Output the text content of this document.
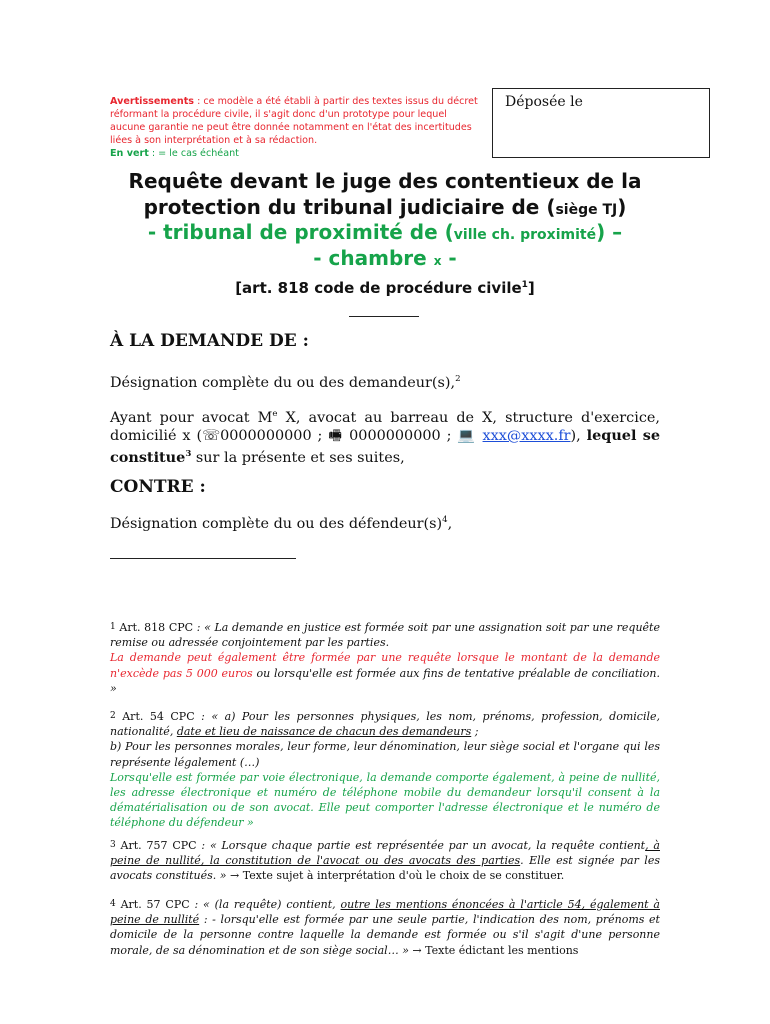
Avertissements : ce modèle a été établi à partir des textes issus du décret réformant la procédure civile, il s'agit donc d'un prototype pour lequel aucune garantie ne peut être donnée notamment en l'état des incertitudes liées à son interprétation et à sa rédaction.
En vert : = le cas échéant
Déposée le
Requête devant le juge des contentieux de la
protection du tribunal judiciaire de (siège TJ)
- tribunal de proximité de (ville ch. proximité) –
- chambre x -
[art. 818 code de procédure civile$^1$]
À LA DEMANDE DE :
Désignation complète du ou des demandeur(s),$^2$
Ayant pour avocat Me X, avocat au barreau de X, structure d'exercice, domicilié x (☏0000000000 ; 🖷 0000000000 ; 💻 xxx@xxxx.fr), lequel se constitue$^3$ sur la présente et ses suites,
CONTRE :
Désignation complète du ou des $défendeur(s)^4$,
1 Art. 818 CPC : « La demande en justice est formée soit par une assignation soit par une requête remise ou adressée conjointement par les parties.
La demande peut également être formée par une requête lorsque le montant de la demande n'excède pas 5 000 euros ou lorsqu'elle est formée aux fins de tentative préalable de conciliation. »
2 Art. 54 CPC : « a) Pour les personnes physiques, les nom, prénoms, profession, domicile, nationalité, date et lieu de naissance de chacun des demandeurs ;
b) Pour les personnes morales, leur forme, leur dénomination, leur siège social et l'organe qui les représente légalement (…)
Lorsqu'elle est formée par voie électronique, la demande comporte également, à peine de nullité, les adresse électronique et numéro de téléphone mobile du demandeur lorsqu'il consent à la dématérialisation ou de son avocat. Elle peut comporter l'adresse électronique et le numéro de téléphone du défendeur »
3 Art. 757 CPC : « Lorsque chaque partie est représentée par un avocat, la requête contient, à peine de nullité, la constitution de l'avocat ou des avocats des parties. Elle est signée par les avocats constitués. » → Texte sujet à interprétation d'où le choix de se constituer.
4 Art. 57 CPC : « (la requête) contient, outre les mentions énoncées à l'article 54, également à peine de nullité : - lorsqu'elle est formée par une seule partie, l'indication des nom, prénoms et domicile de la personne contre laquelle la demande est formée ou s'il s'agit d'une personne morale, de sa dénomination et de son siège social… » → Texte édictant les mentions
